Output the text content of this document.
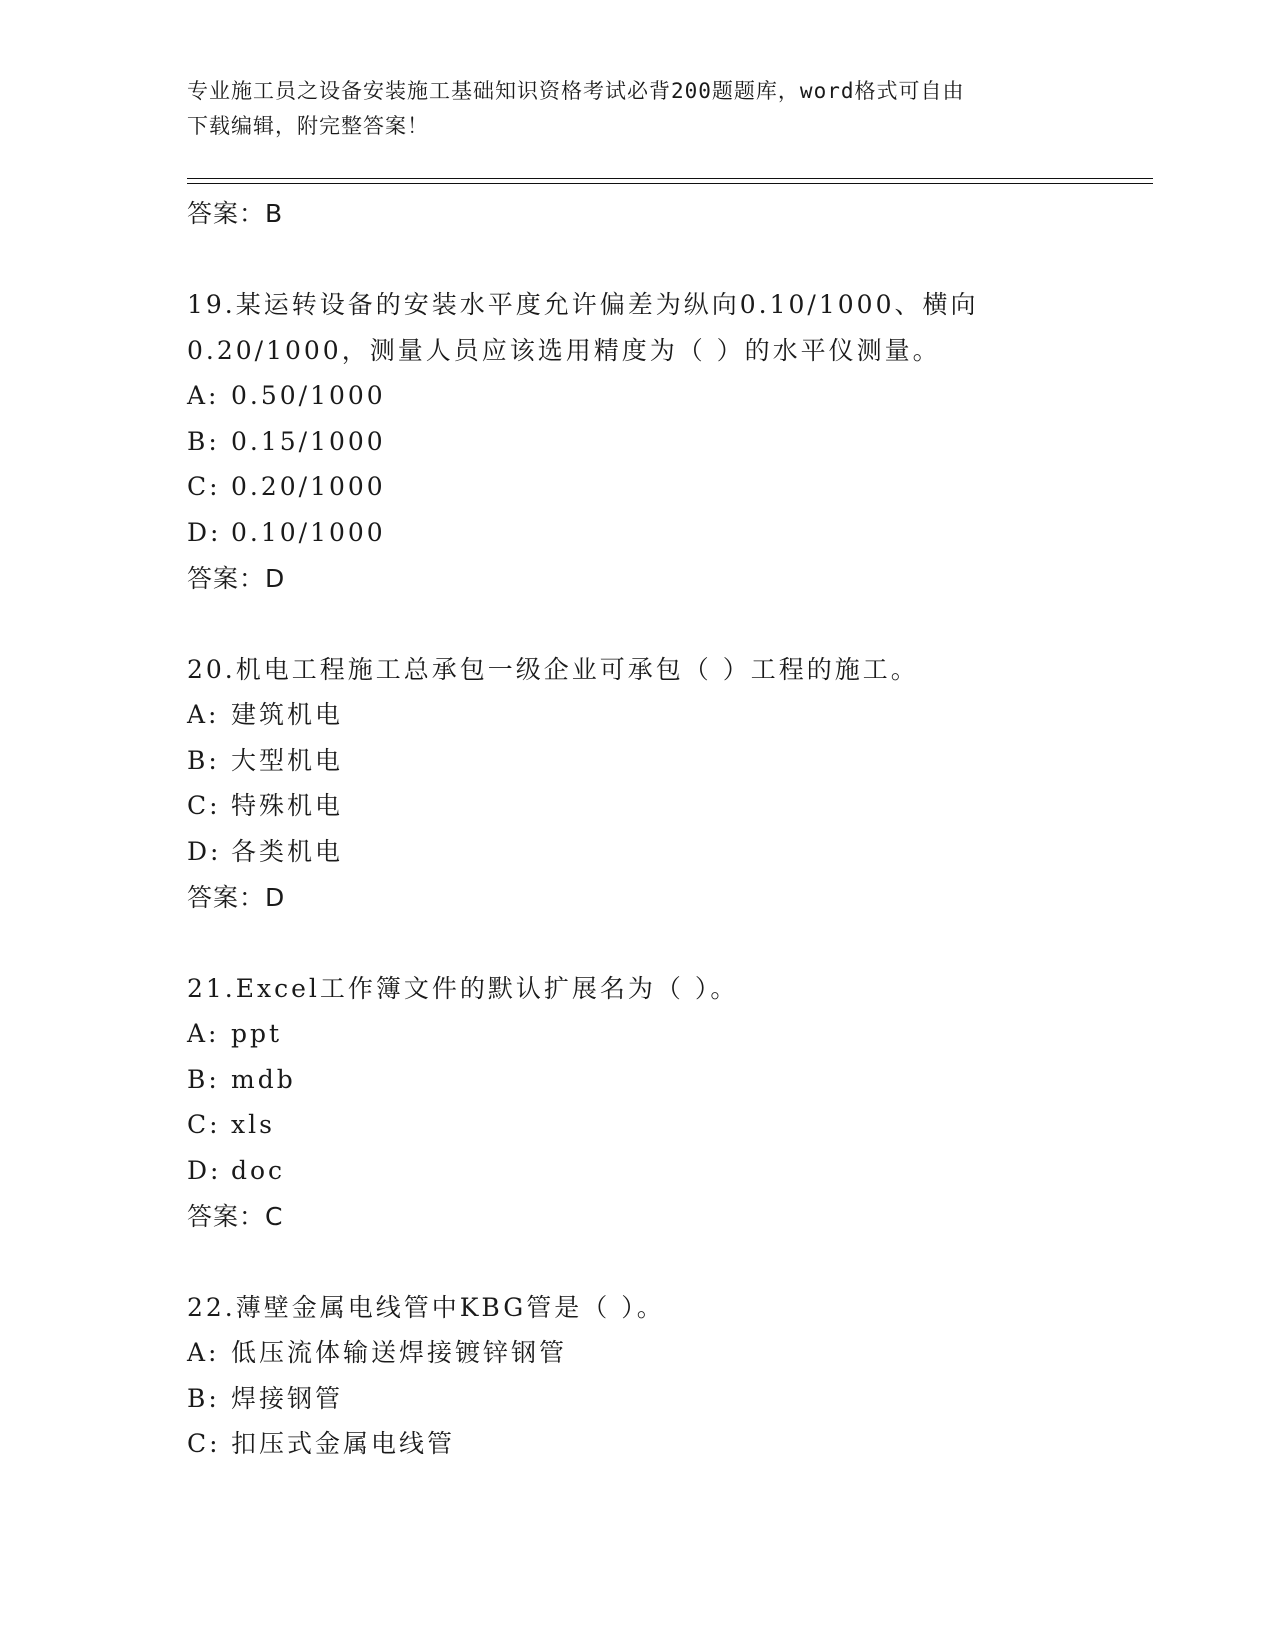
专业施工员之设备安装施工基础知识资格考试必背200题题库，word格式可自由
下载编辑，附完整答案！
答案：B
19.某运转设备的安装水平度允许偏差为纵向0.10/1000、横向
0.20/1000，测量人员应该选用精度为（ ）的水平仪测量。
A: 0.50/1000
B: 0.15/1000
C: 0.20/1000
D: 0.10/1000
答案：D
20.机电工程施工总承包一级企业可承包（ ）工程的施工。
A: 建筑机电
B: 大型机电
C: 特殊机电
D: 各类机电
答案：D
21.Excel工作簿文件的默认扩展名为（ ）。
A: ppt
B: mdb
C: xls
D: doc
答案：C
22.薄壁金属电线管中KBG管是（ ）。
A: 低压流体输送焊接镀锌钢管
B: 焊接钢管
C: 扣压式金属电线管
